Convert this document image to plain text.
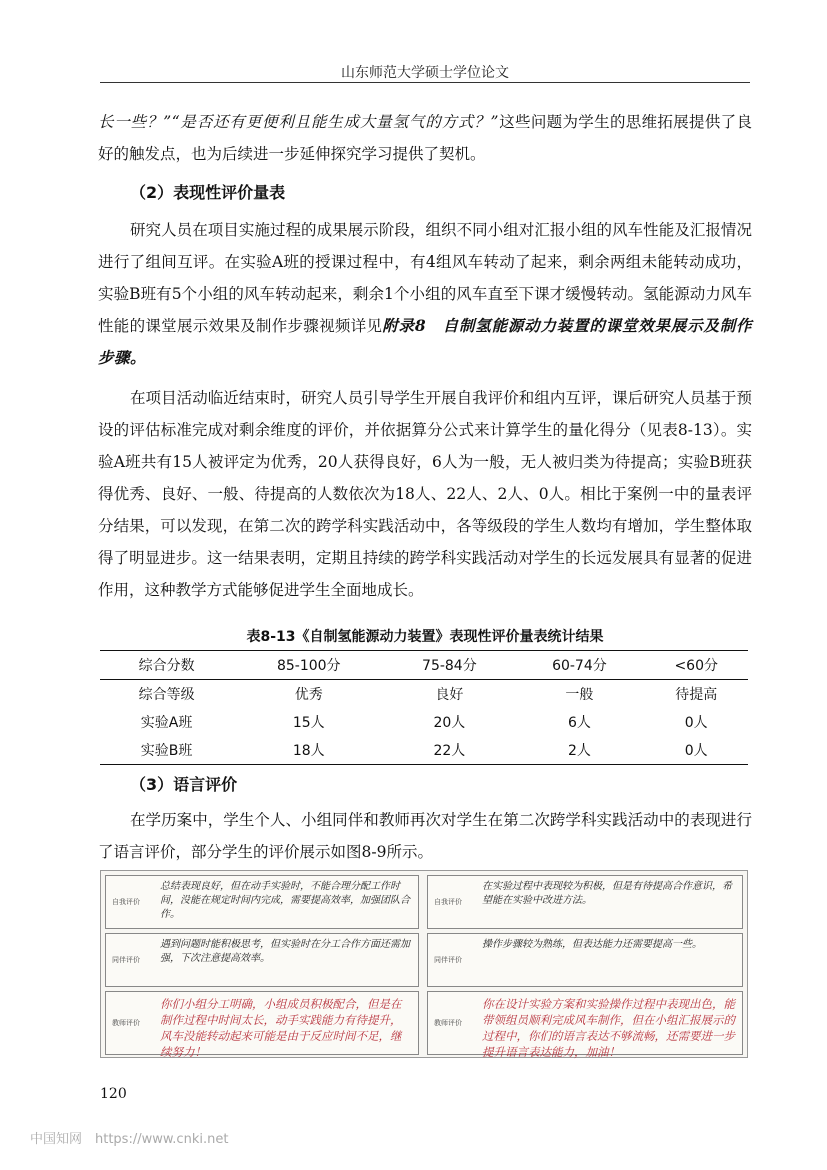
山东师范大学硕士学位论文

长一些？”“是否还有更便利且能生成大量氢气的方式？”这些问题为学生的思维拓展提供了良好的触发点，也为后续进一步延伸探究学习提供了契机。

（2）表现性评价量表

研究人员在项目实施过程的成果展示阶段，组织不同小组对汇报小组的风车性能及汇报情况进行了组间互评。在实验A班的授课过程中，有4组风车转动了起来，剩余两组未能转动成功，实验B班有5个小组的风车转动起来，剩余1个小组的风车直至下课才缓慢转动。氢能源动力风车性能的课堂展示效果及制作步骤视频详见附录8　自制氢能源动力装置的课堂效果展示及制作步骤。

在项目活动临近结束时，研究人员引导学生开展自我评价和组内互评，课后研究人员基于预设的评估标准完成对剩余维度的评价，并依据算分公式来计算学生的量化得分（见表8-13）。实验A班共有15人被评定为优秀，20人获得良好，6人为一般，无人被归类为待提高；实验B班获得优秀、良好、一般、待提高的人数依次为18人、22人、2人、0人。相比于案例一中的量表评分结果，可以发现，在第二次的跨学科实践活动中，各等级段的学生人数均有增加，学生整体取得了明显进步。这一结果表明，定期且持续的跨学科实践活动对学生的长远发展具有显著的促进作用，这种教学方式能够促进学生全面地成长。

表8-13《自制氢能源动力装置》表现性评价量表统计结果
综合分数	85-100分	75-84分	60-74分	<60分
综合等级	优秀	良好	一般	待提高
实验A班	15人	20人	6人	0人
实验B班	18人	22人	2人	0人
（3）语言评价

在学历案中，学生个人、小组同伴和教师再次对学生在第二次跨学科实践活动中的表现进行了语言评价，部分学生的评价展示如图8-9所示。

自我评价
总结表现良好，但在动手实验时，不能合理分配工作时间，没能在规定时间内完成，需要提高效率，加强团队合作。
同伴评价
遇到问题时能积极思考，但实验时在分工合作方面还需加强，下次注意提高效率。
教师评价
你们小组分工明确，小组成员积极配合，但是在制作过程中时间太长，动手实践能力有待提升，风车没能转动起来可能是由于反应时间不足，继续努力！
自我评价
在实验过程中表现较为积极，但是有待提高合作意识，希望能在实验中改进方法。
同伴评价
操作步骤较为熟练，但表达能力还需要提高一些。
教师评价
你在设计实验方案和实验操作过程中表现出色，能带领组员顺利完成风车制作，但在小组汇报展示的过程中，你们的语言表达不够流畅，还需要进一步提升语言表达能力，加油！
120
中国知网　https://www.cnki.net
